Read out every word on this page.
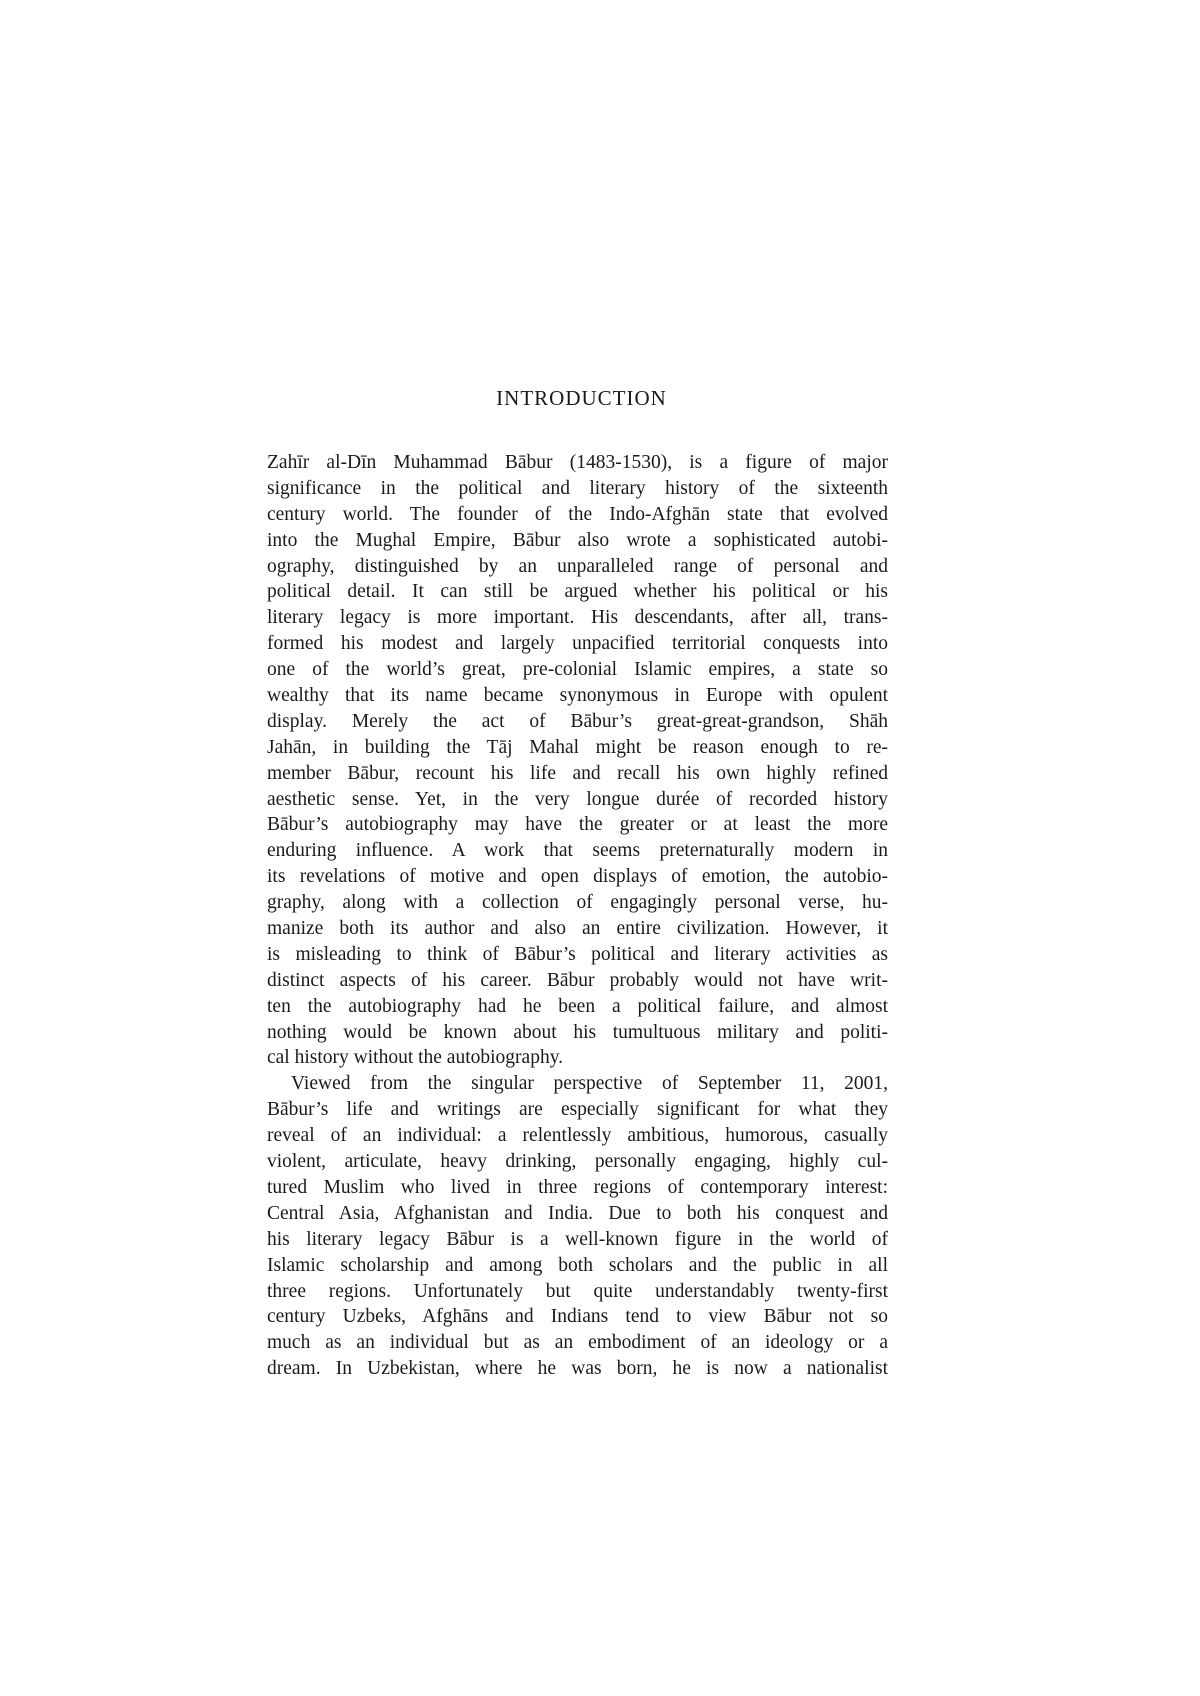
INTRODUCTION
Zahīr al-Dīn Muhammad Bābur (1483-1530), is a figure of major
significance in the political and literary history of the sixteenth
century world. The founder of the Indo-Afghān state that evolved
into the Mughal Empire, Bābur also wrote a sophisticated autobi-
ography, distinguished by an unparalleled range of personal and
political detail. It can still be argued whether his political or his
literary legacy is more important. His descendants, after all, trans-
formed his modest and largely unpacified territorial conquests into
one of the world’s great, pre-colonial Islamic empires, a state so
wealthy that its name became synonymous in Europe with opulent
display. Merely the act of Bābur’s great-great-grandson, Shāh
Jahān, in building the Tāj Mahal might be reason enough to re-
member Bābur, recount his life and recall his own highly refined
aesthetic sense. Yet, in the very longue durée of recorded history
Bābur’s autobiography may have the greater or at least the more
enduring influence. A work that seems preternaturally modern in
its revelations of motive and open displays of emotion, the autobio-
graphy, along with a collection of engagingly personal verse, hu-
manize both its author and also an entire civilization. However, it
is misleading to think of Bābur’s political and literary activities as
distinct aspects of his career. Bābur probably would not have writ-
ten the autobiography had he been a political failure, and almost
nothing would be known about his tumultuous military and politi-
cal history without the autobiography.
Viewed from the singular perspective of September 11, 2001,
Bābur’s life and writings are especially significant for what they
reveal of an individual: a relentlessly ambitious, humorous, casually
violent, articulate, heavy drinking, personally engaging, highly cul-
tured Muslim who lived in three regions of contemporary interest:
Central Asia, Afghanistan and India. Due to both his conquest and
his literary legacy Bābur is a well-known figure in the world of
Islamic scholarship and among both scholars and the public in all
three regions. Unfortunately but quite understandably twenty-first
century Uzbeks, Afghāns and Indians tend to view Bābur not so
much as an individual but as an embodiment of an ideology or a
dream. In Uzbekistan, where he was born, he is now a nationalist
